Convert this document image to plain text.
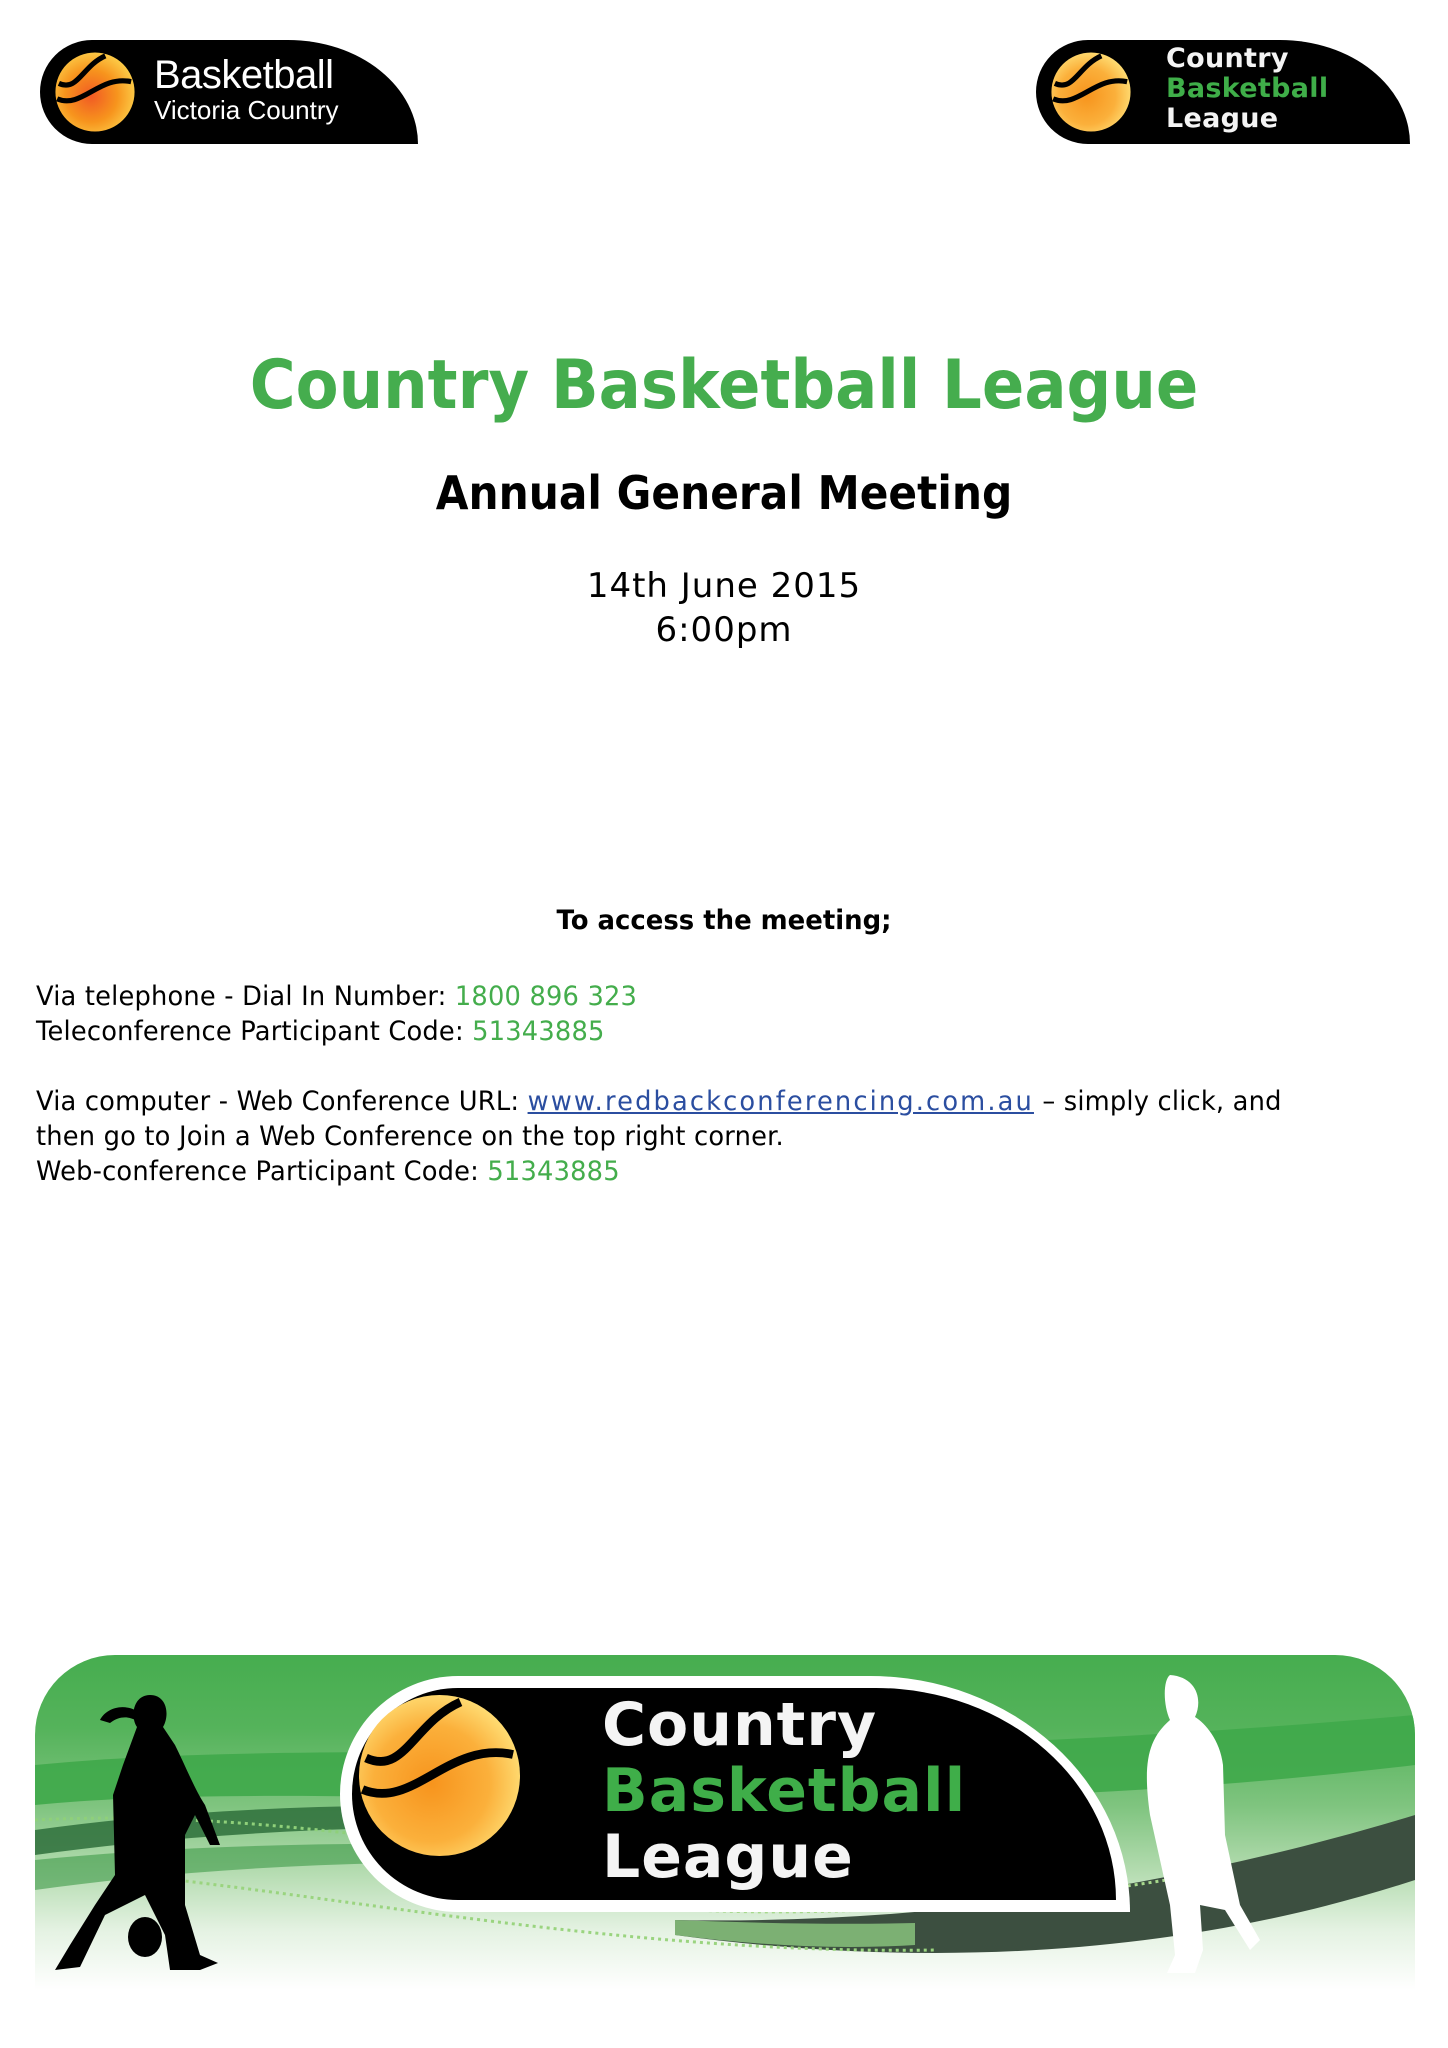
Basketball
Victoria Country
Country
Basketball
League
Country Basketball League
Annual General Meeting
14th June 2015
6:00pm
To access the meeting;

Via telephone - Dial In Number: 1800 896 323

Teleconference Participant Code: 51343885

Via computer - Web Conference URL: www.redbackconferencing.com.au – simply click, and

then go to Join a Web Conference on the top right corner.

Web-conference Participant Code: 51343885

Country
Basketball
League
